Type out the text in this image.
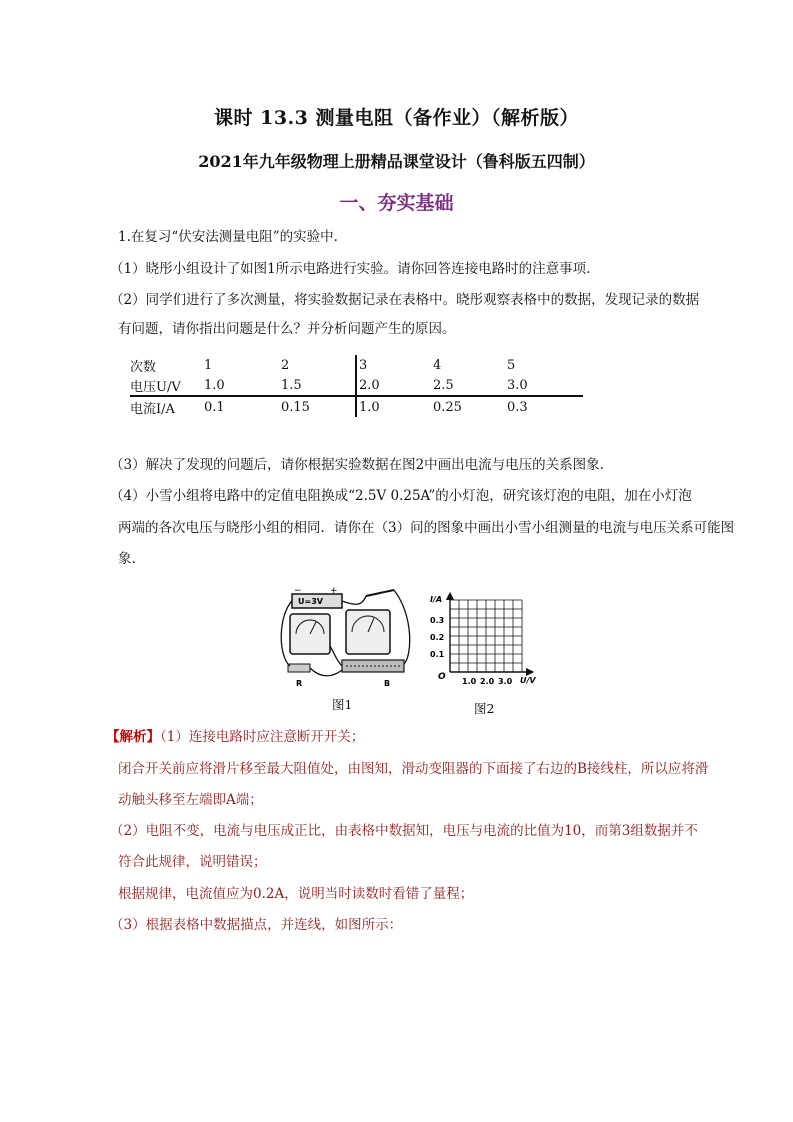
课时 13.3 测量电阻（备作业）（解析版）
2021年九年级物理上册精品课堂设计（鲁科版五四制）
一、夯实基础
1.在复习“伏安法测量电阻”的实验中.
（1）晓彤小组设计了如图1所示电路进行实验。请你回答连接电路时的注意事项.
（2）同学们进行了多次测量，将实验数据记录在表格中。晓彤观察表格中的数据，发现记录的数据
有问题，请你指出问题是什么？并分析问题产生的原因。
次数	1	2	3	4	5
电压U/V	1.0	1.5	2.0	2.5	3.0
电流I/A	0.1	0.15	1.0	0.25	0.3
（3）解决了发现的问题后，请你根据实验数据在图2中画出电流与电压的关系图象.
（4）小雪小组将电路中的定值电阻换成“2.5V 0.25A”的小灯泡，研究该灯泡的电阻，加在小灯泡
两端的各次电压与晓彤小组的相同．请你在（3）问的图象中画出小雪小组测量的电流与电压关系可能图
象.
−	+
U=3V
R	B
图1
I/A
0.3
0.2
0.1
O 1.0 2.0 3.0 U/V
图2
【解析】（1）连接电路时应注意断开开关；
闭合开关前应将滑片移至最大阻值处，由图知，滑动变阻器的下面接了右边的B接线柱，所以应将滑
动触头移至左端即A端；
（2）电阻不变，电流与电压成正比，由表格中数据知，电压与电流的比值为10，而第3组数据并不
符合此规律，说明错误；
根据规律，电流值应为0.2A，说明当时读数时看错了量程；
（3）根据表格中数据描点，并连线，如图所示：
